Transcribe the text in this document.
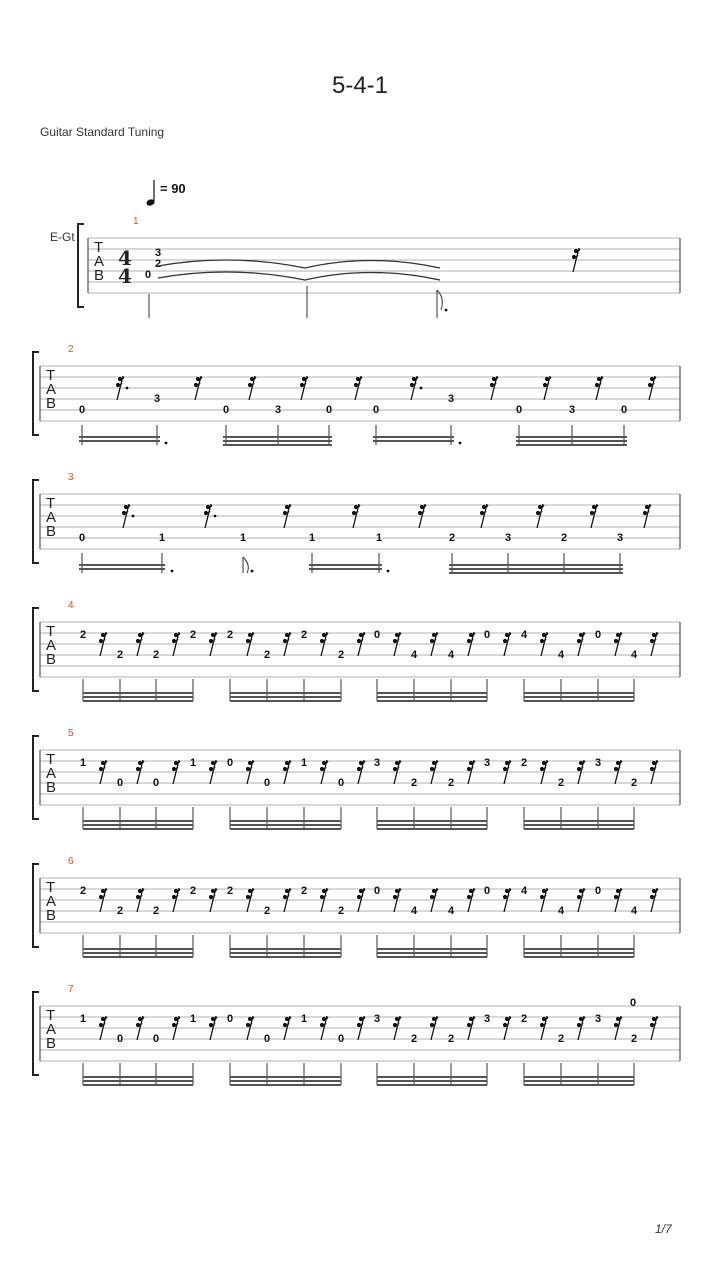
5-4-1
Guitar Standard Tuning
= 90
E-Gt
T
A
B
1
4
4 2
0
3
T
A
B
2
0
3
0	3	0	0
3
0	3	0
T
A
B
3
0	1	1	1	1	2	3	2	3
T
A
B
4
2
2	2
2	2
2
2
2
0
4	4
0	4
4
0
4
T
A
B
5
1
0	0
1	0
0
1
0
3
2	2
3	2
2
3
2
T
A
B
6
2
2	2
2	2
2
2
2
0
4	4
0	4
4
0
4
T
A
B
7
1
0	0
1	0
0
1
0
3
2	2
3	2
2
3
2
0
1/7
